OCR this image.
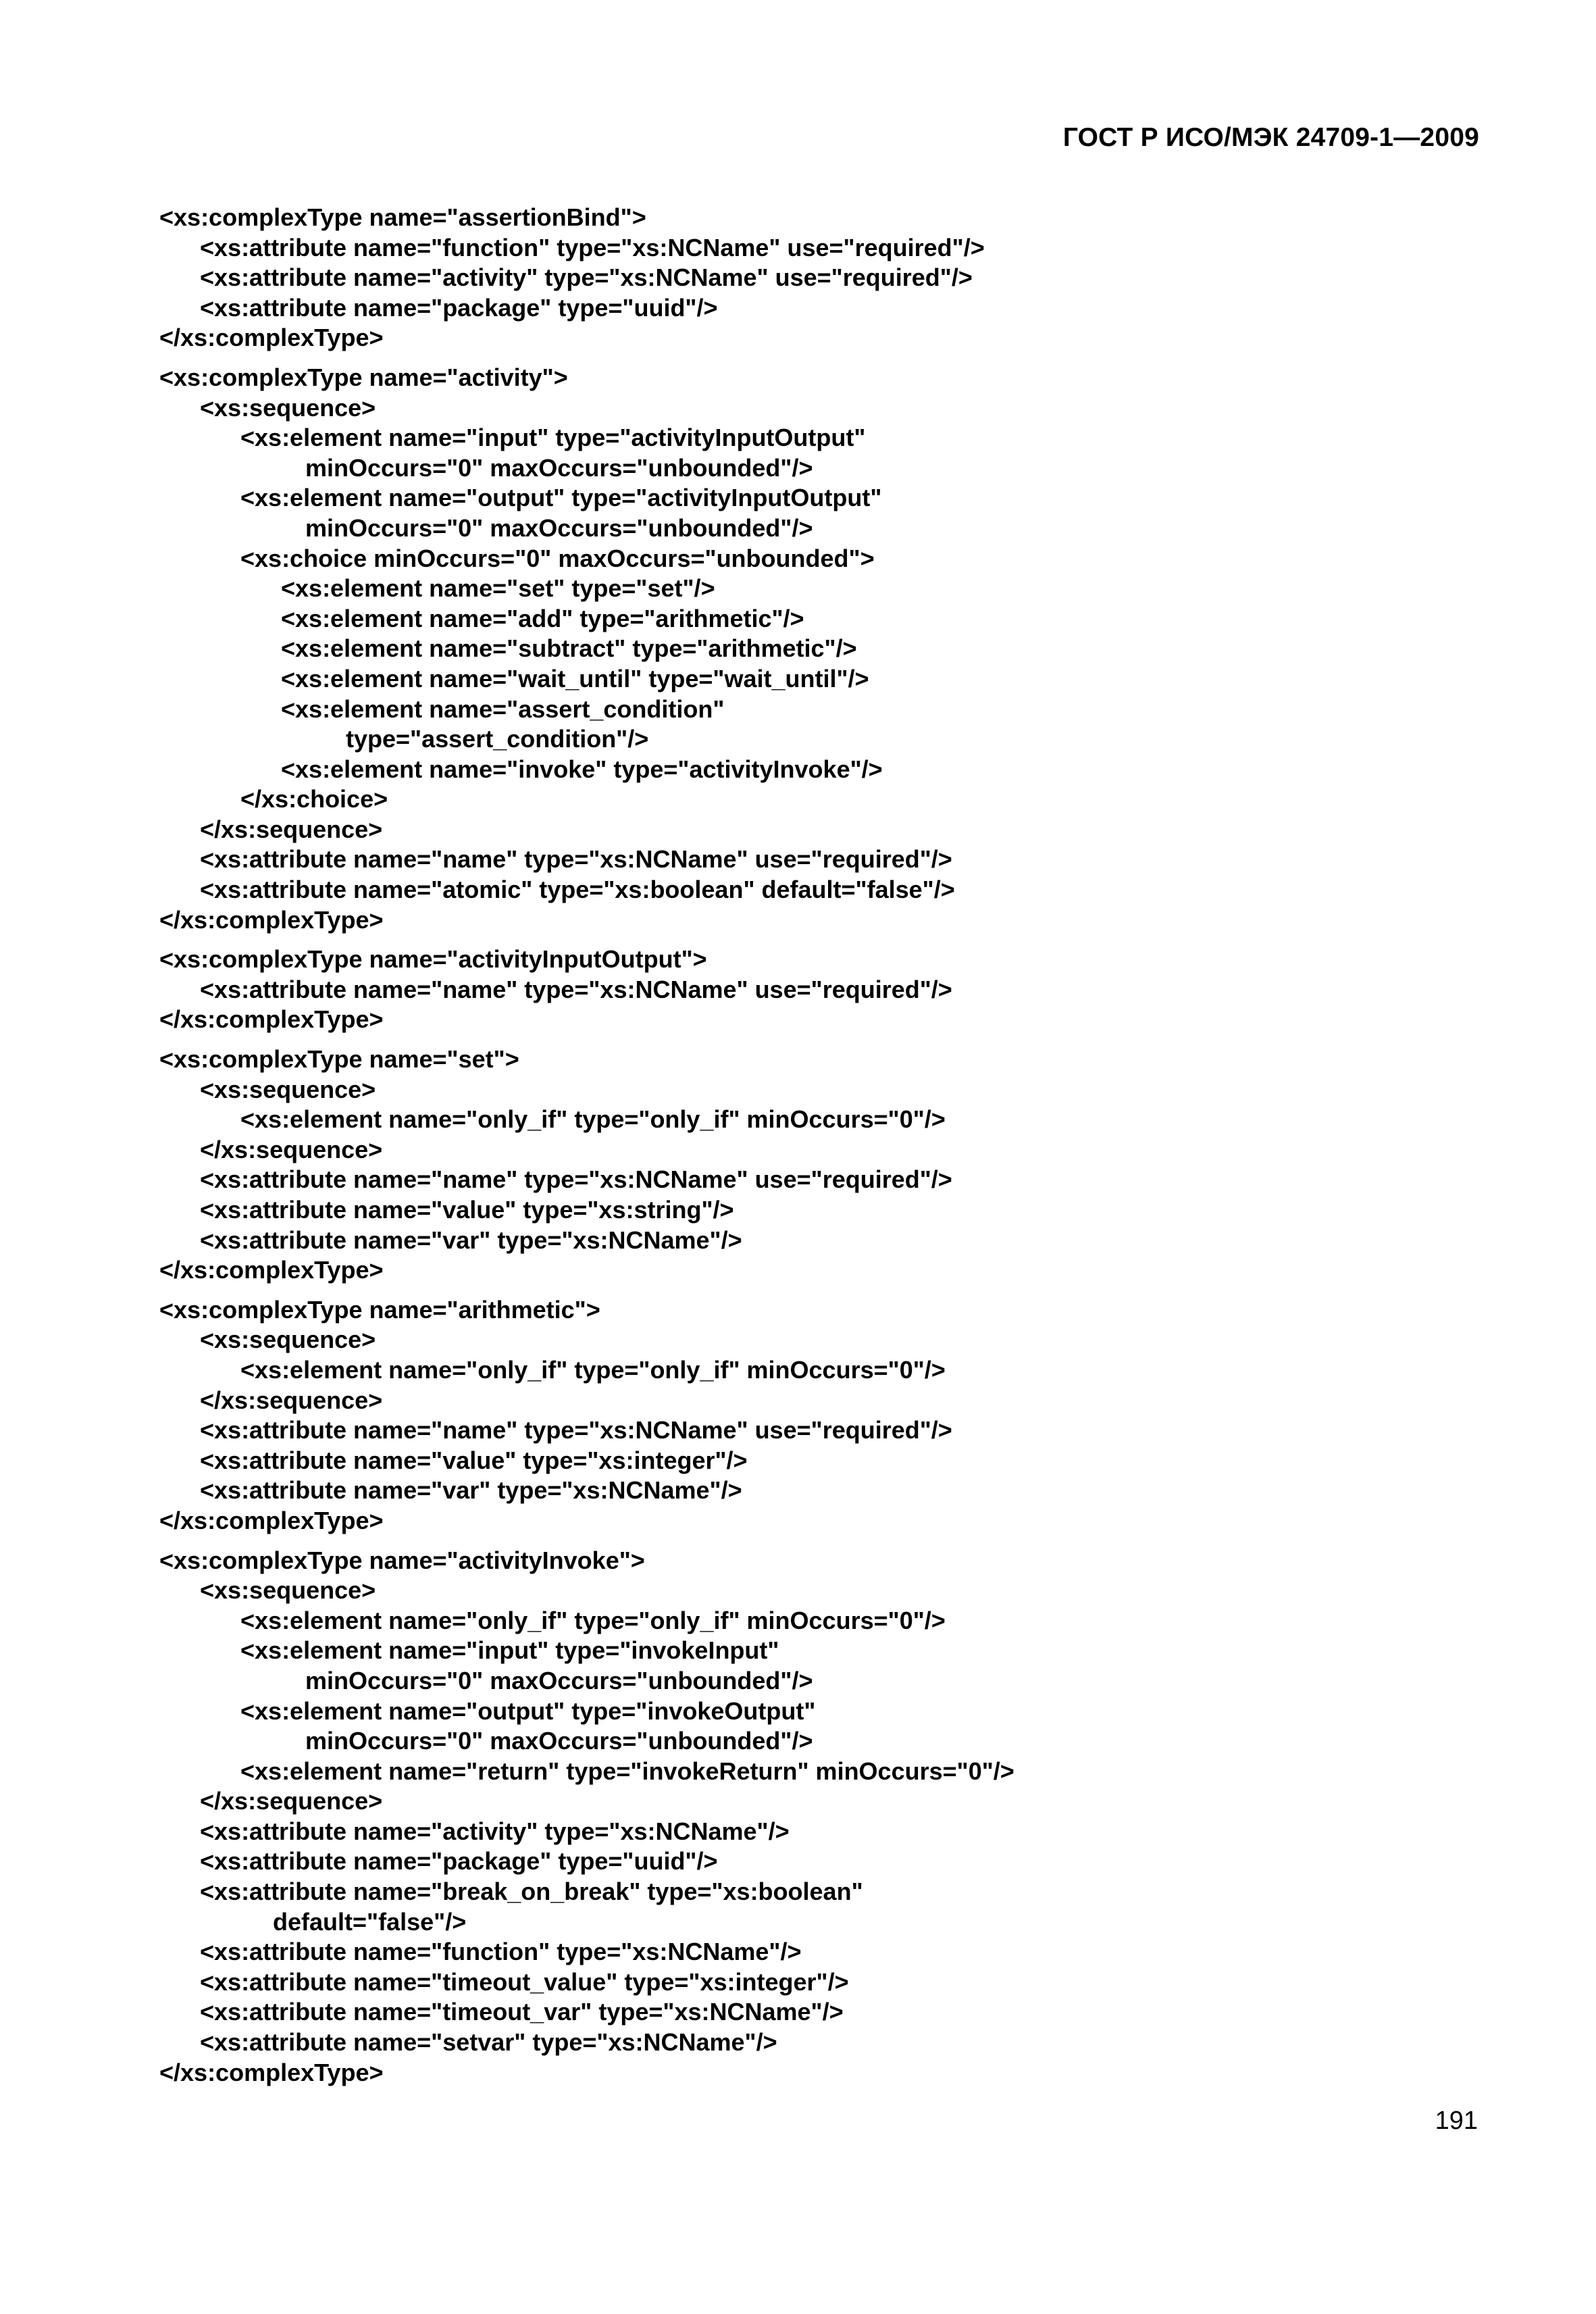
ГОСТ Р ИСО/МЭК 24709-1—2009
<xs:complexType name="assertionBind">
<xs:attribute name="function" type="xs:NCName" use="required"/>
<xs:attribute name="activity" type="xs:NCName" use="required"/>
<xs:attribute name="package" type="uuid"/>
</xs:complexType>
<xs:complexType name="activity">
<xs:sequence>
<xs:element name="input" type="activityInputOutput"
minOccurs="0" maxOccurs="unbounded"/>
<xs:element name="output" type="activityInputOutput"
minOccurs="0" maxOccurs="unbounded"/>
<xs:choice minOccurs="0" maxOccurs="unbounded">
<xs:element name="set" type="set"/>
<xs:element name="add" type="arithmetic"/>
<xs:element name="subtract" type="arithmetic"/>
<xs:element name="wait_until" type="wait_until"/>
<xs:element name="assert_condition"
type="assert_condition"/>
<xs:element name="invoke" type="activityInvoke"/>
</xs:choice>
</xs:sequence>
<xs:attribute name="name" type="xs:NCName" use="required"/>
<xs:attribute name="atomic" type="xs:boolean" default="false"/>
</xs:complexType>
<xs:complexType name="activityInputOutput">
<xs:attribute name="name" type="xs:NCName" use="required"/>
</xs:complexType>
<xs:complexType name="set">
<xs:sequence>
<xs:element name="only_if" type="only_if" minOccurs="0"/>
</xs:sequence>
<xs:attribute name="name" type="xs:NCName" use="required"/>
<xs:attribute name="value" type="xs:string"/>
<xs:attribute name="var" type="xs:NCName"/>
</xs:complexType>
<xs:complexType name="arithmetic">
<xs:sequence>
<xs:element name="only_if" type="only_if" minOccurs="0"/>
</xs:sequence>
<xs:attribute name="name" type="xs:NCName" use="required"/>
<xs:attribute name="value" type="xs:integer"/>
<xs:attribute name="var" type="xs:NCName"/>
</xs:complexType>
<xs:complexType name="activityInvoke">
<xs:sequence>
<xs:element name="only_if" type="only_if" minOccurs="0"/>
<xs:element name="input" type="invokeInput"
minOccurs="0" maxOccurs="unbounded"/>
<xs:element name="output" type="invokeOutput"
minOccurs="0" maxOccurs="unbounded"/>
<xs:element name="return" type="invokeReturn" minOccurs="0"/>
</xs:sequence>
<xs:attribute name="activity" type="xs:NCName"/>
<xs:attribute name="package" type="uuid"/>
<xs:attribute name="break_on_break" type="xs:boolean"
default="false"/>
<xs:attribute name="function" type="xs:NCName"/>
<xs:attribute name="timeout_value" type="xs:integer"/>
<xs:attribute name="timeout_var" type="xs:NCName"/>
<xs:attribute name="setvar" type="xs:NCName"/>
</xs:complexType>
191
